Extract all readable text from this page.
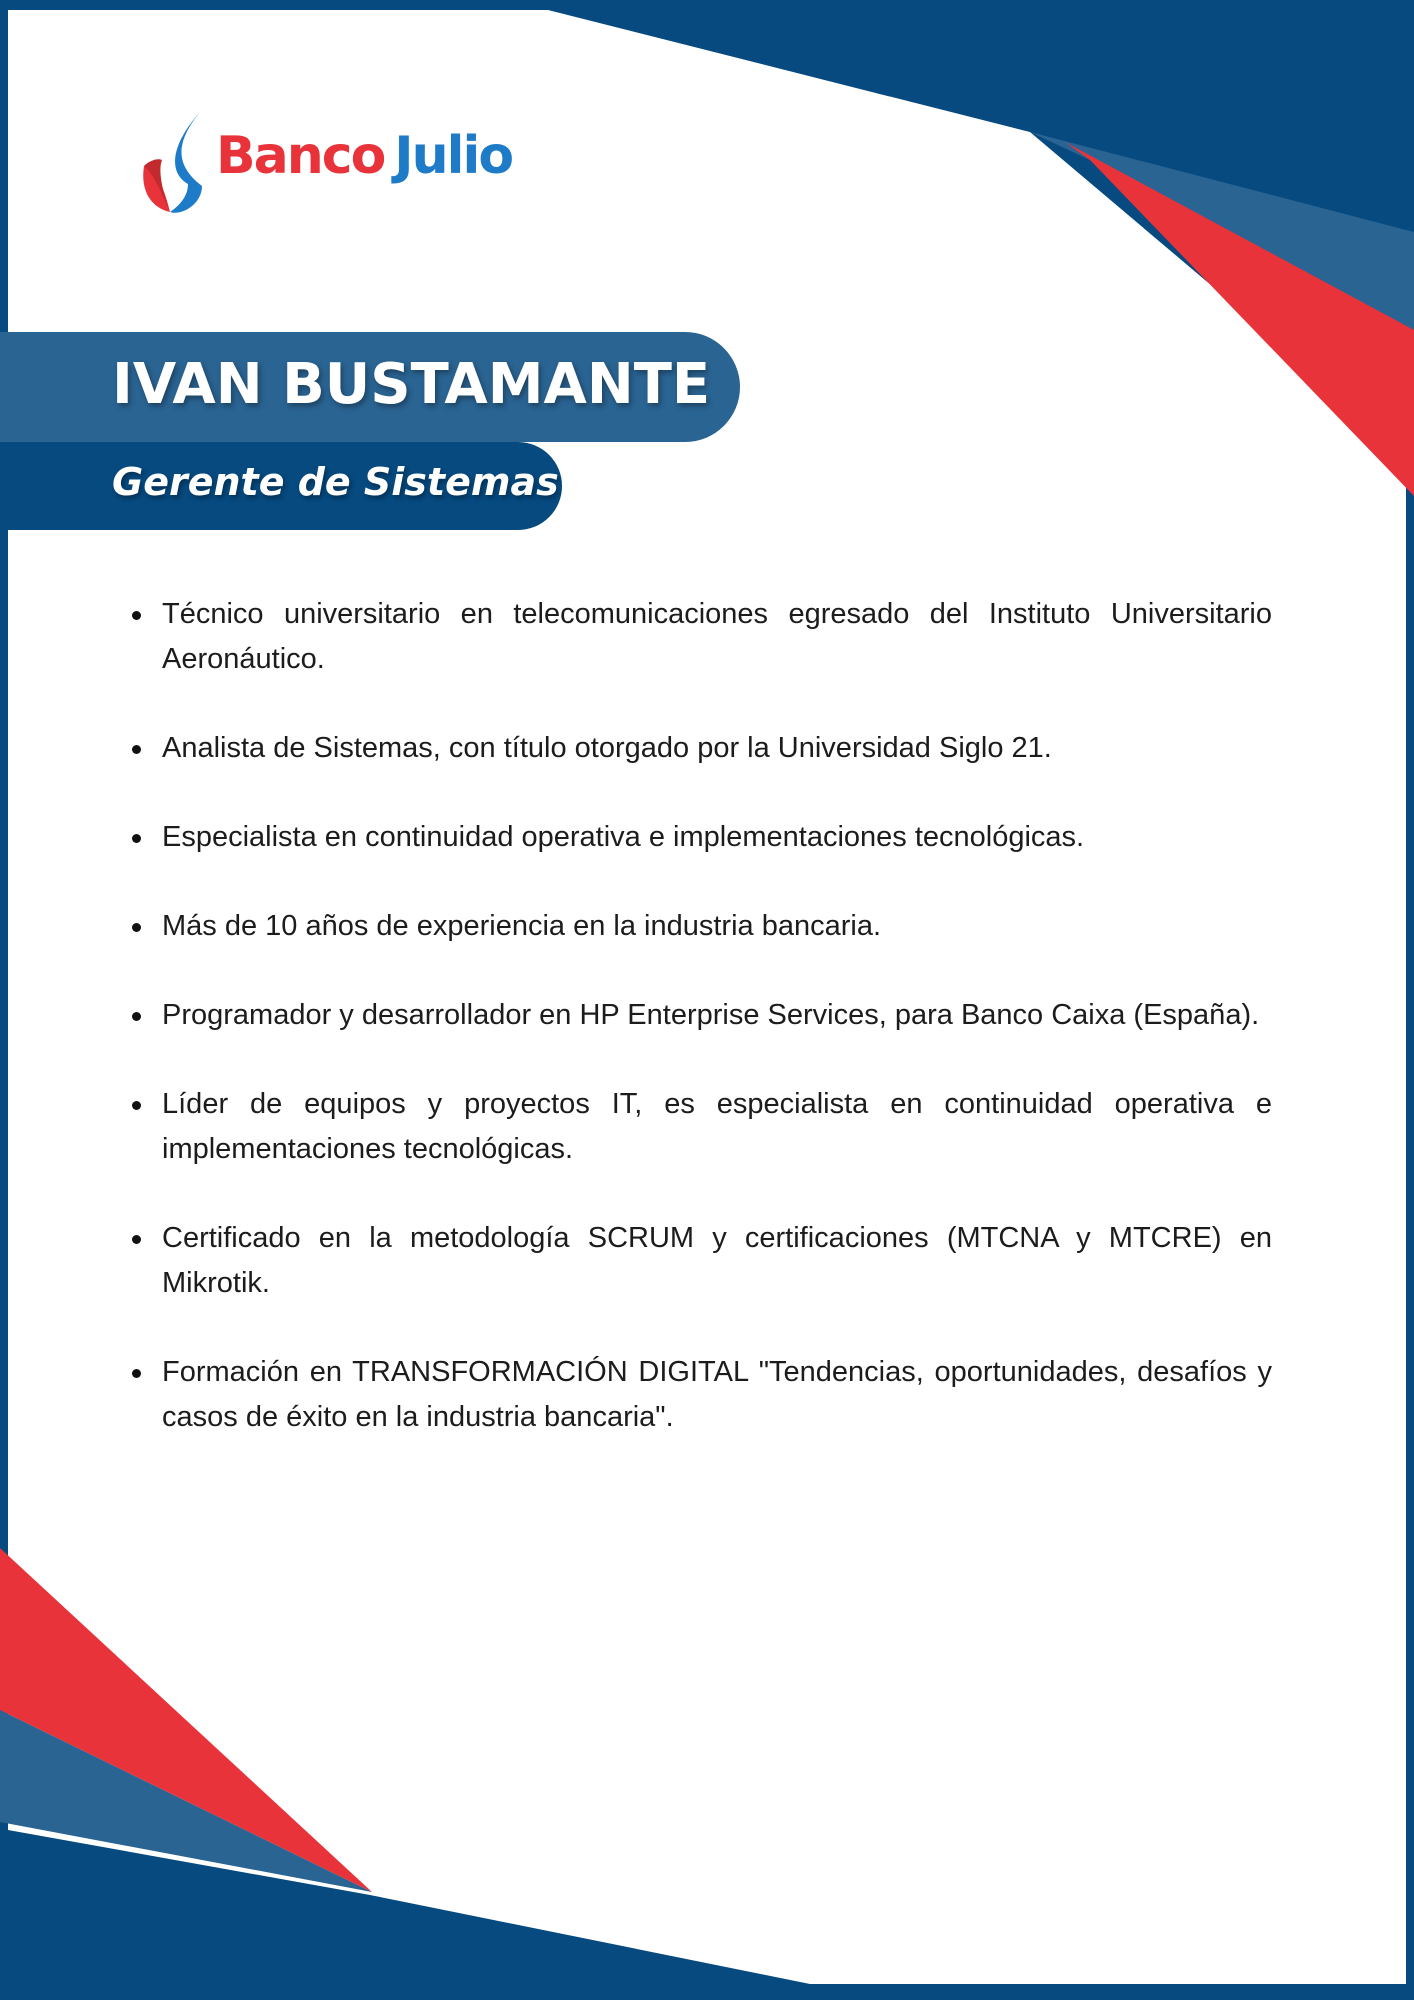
Banco Julio
IVAN BUSTAMANTE
Gerente de Sistemas
Técnico universitario en telecomunicaciones egresado del Instituto Universitario Aeronáutico.
Analista de Sistemas, con título otorgado por la Universidad Siglo 21.
Especialista en continuidad operativa e implementaciones tecnológicas.
Más de 10 años de experiencia en la industria bancaria.
Programador y desarrollador en HP Enterprise Services, para Banco Caixa (España).
Líder de equipos y proyectos IT, es especialista en continuidad operativa e implementaciones tecnológicas.
Certificado en la metodología SCRUM y certificaciones (MTCNA y MTCRE) en Mikrotik.
Formación en TRANSFORMACIÓN DIGITAL "Tendencias, oportunidades, desafíos y casos de éxito en la industria bancaria".
